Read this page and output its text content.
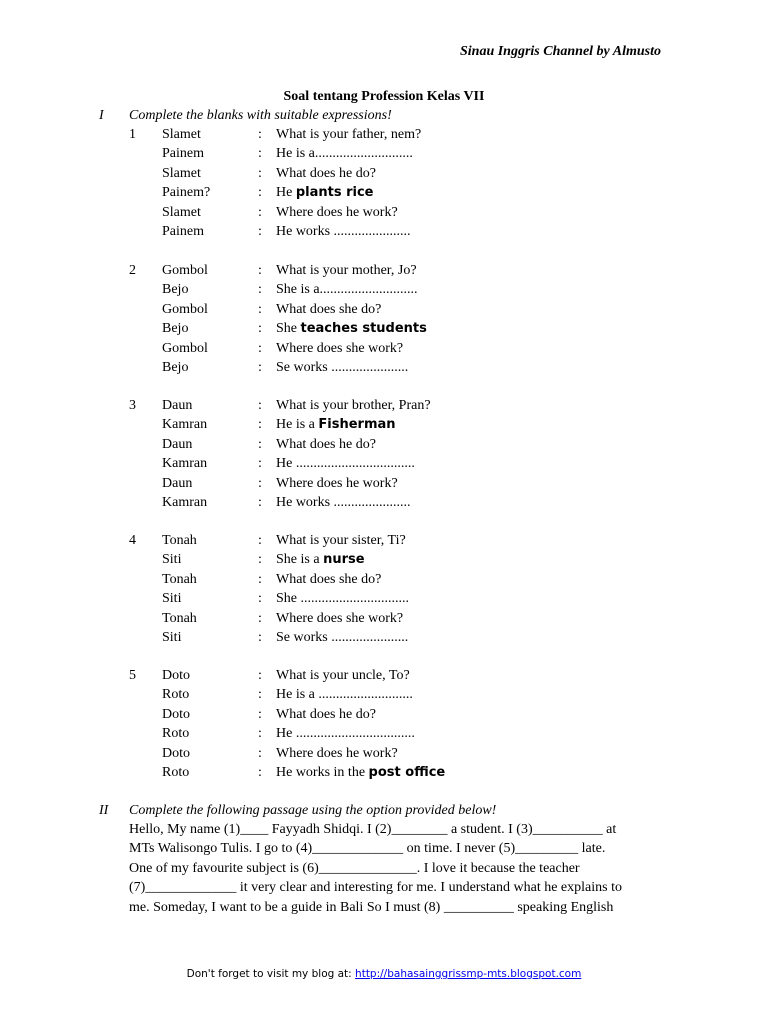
Sinau Inggris Channel by Almusto
Soal tentang Profession Kelas VII
I Complete the blanks with suitable expressions!
1 Slamet	: What is your father, nem?
Painem	: He is a............................
Slamet	: What does he do?
Painem?	: He plants rice
Slamet	: Where does he work?
Painem	: He works ......................
2 Gombol	: What is your mother, Jo?
Bejo	: She is a............................
Gombol	: What does she do?
Bejo	: She teaches students
Gombol	: Where does she work?
Bejo	: Se works ......................
3 Daun	: What is your brother, Pran?
Kamran	: He is a Fisherman
Daun	: What does he do?
Kamran	: He ..................................
Daun	: Where does he work?
Kamran	: He works ......................
4 Tonah	: What is your sister, Ti?
Siti	: She is a nurse
Tonah	: What does she do?
Siti	: She ...............................
Tonah	: Where does she work?
Siti	: Se works ......................
5 Doto	: What is your uncle, To?
Roto	: He is a ...........................
Doto	: What does he do?
Roto	: He ..................................
Doto	: Where does he work?
Roto	: He works in the post office
II Complete the following passage using the option provided below!

Hello, My name (1)____ Fayyadh Shidqi. I (2)________ a student. I (3)__________ at

MTs Walisongo Tulis. I go to (4)_____________ on time. I never (5)_________ late.

One of my favourite subject is (6)______________. I love it because the teacher

(7)_____________ it very clear and interesting for me. I understand what he explains to

me. Someday, I want to be a guide in Bali So I must (8) __________ speaking English

Don't forget to visit my blog at: http://bahasainggrissmp-mts.blogspot.com
